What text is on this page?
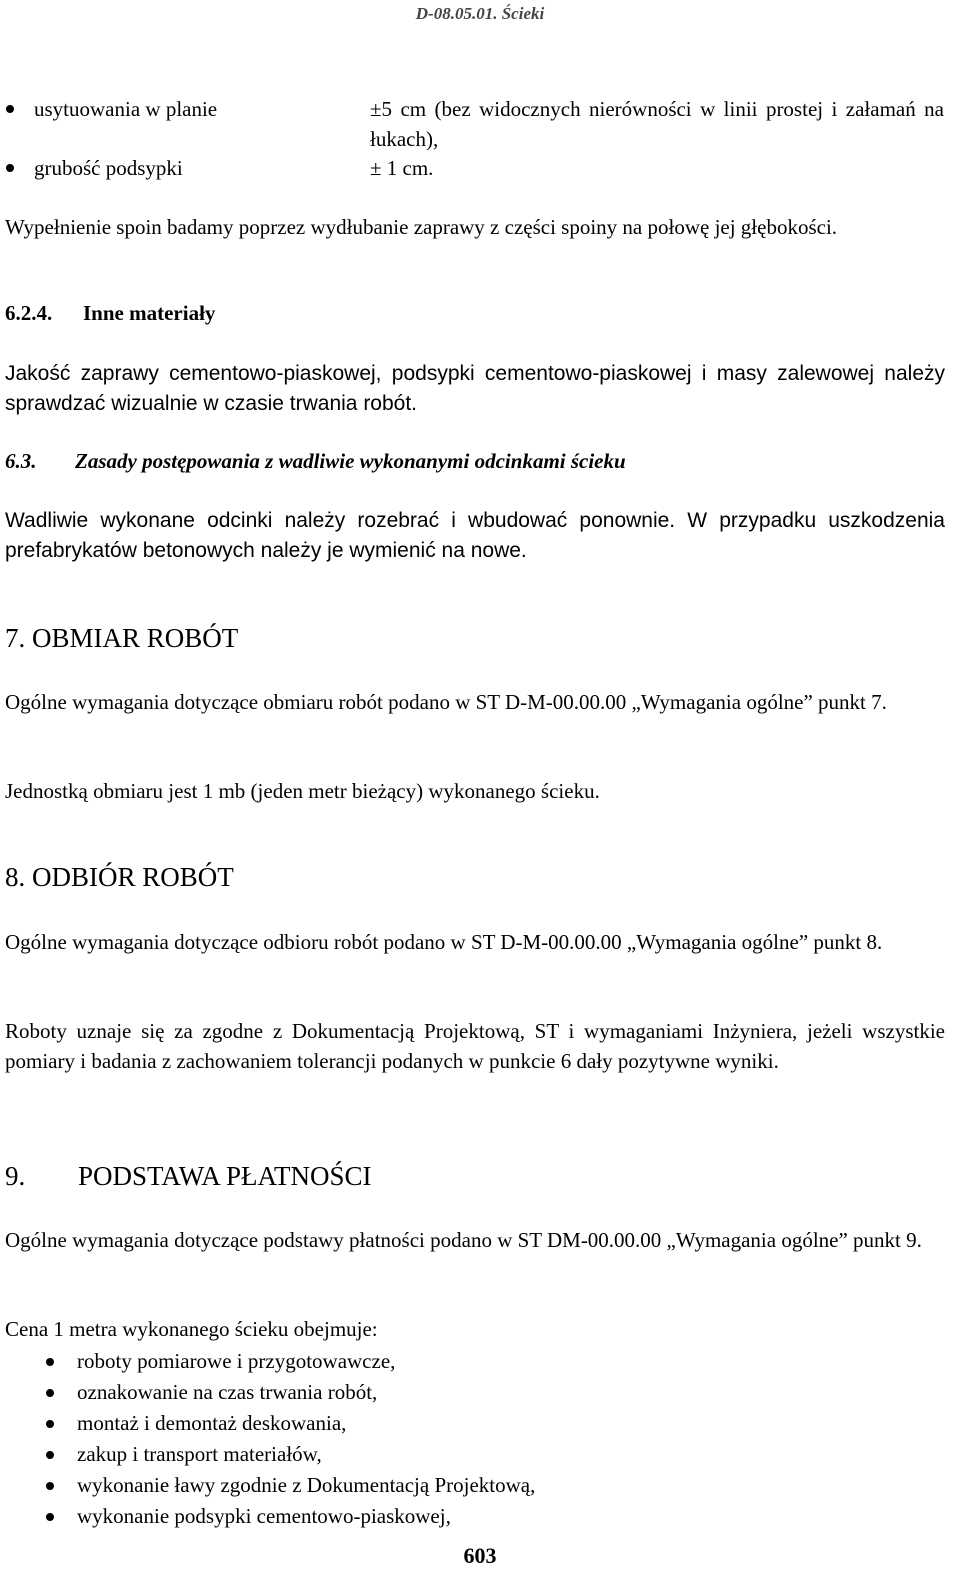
D-08.05.01. Ścieki
usytuowania w planie	±5 cm (bez widocznych nierówności w linii prostej i załamań na łukach),
grubość podsypki	± 1 cm.
Wypełnienie spoin badamy poprzez wydłubanie zaprawy z części spoiny na połowę jej głębokości.
6.2.4. Inne materiały
Jakość zaprawy cementowo-piaskowej, podsypki cementowo-piaskowej i masy zalewowej należy sprawdzać wizualnie w czasie trwania robót.
6.3. Zasady postępowania z wadliwie wykonanymi odcinkami ścieku
Wadliwie wykonane odcinki należy rozebrać i wbudować ponownie. W przypadku uszkodzenia prefabrykatów betonowych należy je wymienić na nowe.
7. OBMIAR ROBÓT
Ogólne wymagania dotyczące obmiaru robót podano w ST D-M-00.00.00 „Wymagania ogólne” punkt 7.
Jednostką obmiaru jest 1 mb (jeden metr bieżący) wykonanego ścieku.
8. ODBIÓR ROBÓT
Ogólne wymagania dotyczące odbioru robót podano w ST D-M-00.00.00 „Wymagania ogólne” punkt 8.
Roboty uznaje się za zgodne z Dokumentacją Projektową, ST i wymaganiami Inżyniera, jeżeli wszystkie pomiary i badania z zachowaniem tolerancji podanych w punkcie 6 dały pozytywne wyniki.
9. PODSTAWA PŁATNOŚCI
Ogólne wymagania dotyczące podstawy płatności podano w ST DM-00.00.00 „Wymagania ogólne” punkt 9.
Cena 1 metra wykonanego ścieku obejmuje:
roboty pomiarowe i przygotowawcze,
oznakowanie na czas trwania robót,
montaż i demontaż deskowania,
zakup i transport materiałów,
wykonanie ławy zgodnie z Dokumentacją Projektową,
wykonanie podsypki cementowo-piaskowej,
603
